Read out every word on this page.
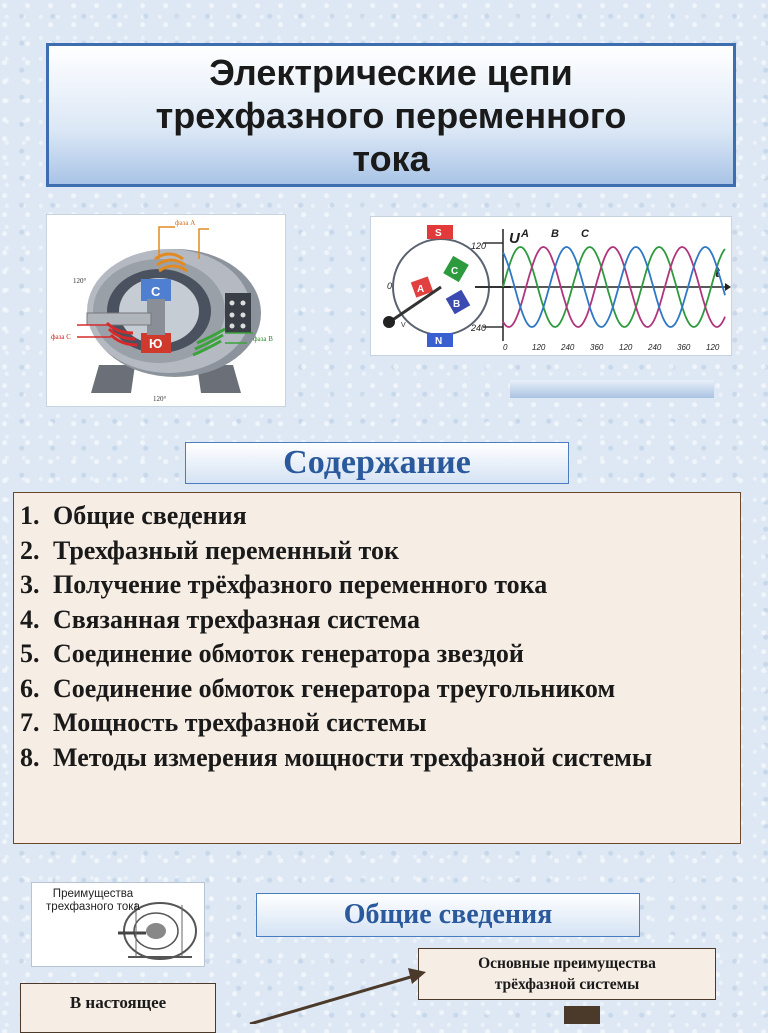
Электрические цепи
трехфазного переменного
тока
С
Ю
фаза А
фаза В
фаза С
120°
120°
S
N
A
B
C
V
0
120
240
U
t
A B C
0	120 240 360 120 240 360 120
Содержание
1. Общие сведения
2. Трехфазный переменный ток
3. Получение трёхфазного переменного тока
4. Связанная трехфазная система
5. Соединение обмоток генератора звездой
6. Соединение обмоток генератора треугольником
7. Мощность трехфазной системы
8. Методы измерения мощности трехфазной системы
Преимущества трехфазного тока	Общие сведения
Основные преимущества трёхфазной системы
В настоящее
